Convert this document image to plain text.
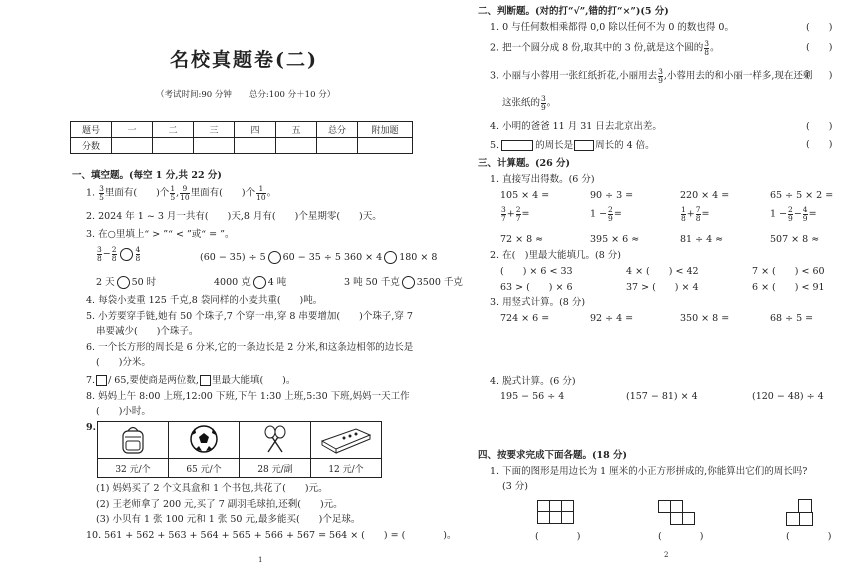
名校真题卷(二)
（考试时间:90 分钟　　总分:100 分＋10 分）
题号	一	二	三	四	五	总分	附加题
分数							
一、填空题。(每空 1 分,共 22 分)
1. $\frac{3}{5}$ 里面有(　　)个 $\frac{1}{5}$ , $\frac{9}{10}$ 里面有(　　)个 $\frac{1}{10}$ 。
2. 2024 年 1 ~ 3 月一共有(　　)天,8 月有(　　)个星期零(　　)天。
3. 在○里填上“ > ”“ < ”或“ = ”。
$\frac{3}{8} - \frac{2}{8}$	$\frac{4}{8}$	(60 − 35) ÷ 5 60 − 35 ÷ 5 360 × 4 180 × 8
2 天 50 时	4000 克 4 吨	3 吨 50 千克 3500 千克
4. 每袋小麦重 125 千克,8 袋同样的小麦共重(　　)吨。
5. 小芳要穿手链,她有 50 个珠子,7 个穿一串,穿 8 串要增加(　　)个珠子,穿 7
串要减少(　　)个珠子。
6. 一个长方形的周长是 6 分米,它的一条边长是 2 分米,和这条边相邻的边长是
(　　)分米。
7. / 65,要使商是两位数, 里最大能填(　　)。
8. 妈妈上午 8:00 上班,12:00 下班,下午 1:30 上班,5:30 下班,妈妈一天工作
(　　)小时。
9.

32 元/个	65 元/个	28 元/副	12 元/个
(1) 妈妈买了 2 个文具盒和 1 个书包,共花了(　　)元。
(2) 王老师拿了 200 元,买了 7 副羽毛球拍,还剩(　　)元。
(3) 小贝有 1 张 100 元和 1 张 50 元,最多能买(　　)个足球。
10. 561 + 562 + 563 + 564 + 565 + 566 + 567 = 564 × (　　) = (　　　　)。
1
二、判断题。(对的打“√”,错的打“×”)(5 分)
1. 0 与任何数相乘都得 0,0 除以任何不为 0 的数也得 0。	(　　)
2. 把一个圆分成 8 份,取其中的 3 份,就是这个圆的 $\frac{3}{8}$ 。	(　　)
3. 小丽与小蓉用一张红纸折花,小丽用去 $\frac{3}{9}$ ,小蓉用去的和小丽一样多,现在还剩
(　　)
这张纸的 $\frac{3}{9}$ 。
4. 小明的爸爸 11 月 31 日去北京出差。	(　　)
5.	的周长是 周长的 4 倍。	(　　)
三、计算题。(26 分)
1. 直接写出得数。(6 分)
105 × 4 =	90 ÷ 3 =	220 × 4 =	65 ÷ 5 × 2 =
$\frac{3}{7} + \frac{2}{7}$ =	$1 - \frac{2}{9}$ =	$\frac{1}{8} + \frac{7}{8}$ =	$1 - \frac{2}{9} - \frac{4}{9}$ =
72 × 8 ≈	395 × 6 ≈	81 ÷ 4 ≈	507 × 8 ≈
2. 在(　)里最大能填几。(8 分)
(　　) × 6 < 33	4 × (　　) < 42	7 × (　　) < 60
63 > (　　) × 6	37 > (　　) × 4	6 × (　　) < 91
3. 用竖式计算。(8 分)
724 × 6 =	92 ÷ 4 =	350 × 8 =	68 ÷ 5 =
4. 脱式计算。(6 分)
195 − 56 ÷ 4	(157 − 81) × 4	(120 − 48) ÷ 4
四、按要求完成下面各题。(18 分)
1. 下面的图形是用边长为 1 厘米的小正方形拼成的,你能算出它们的周长吗?
(3 分)
(　　　　)	(　　　　)	(　　　　)
2
